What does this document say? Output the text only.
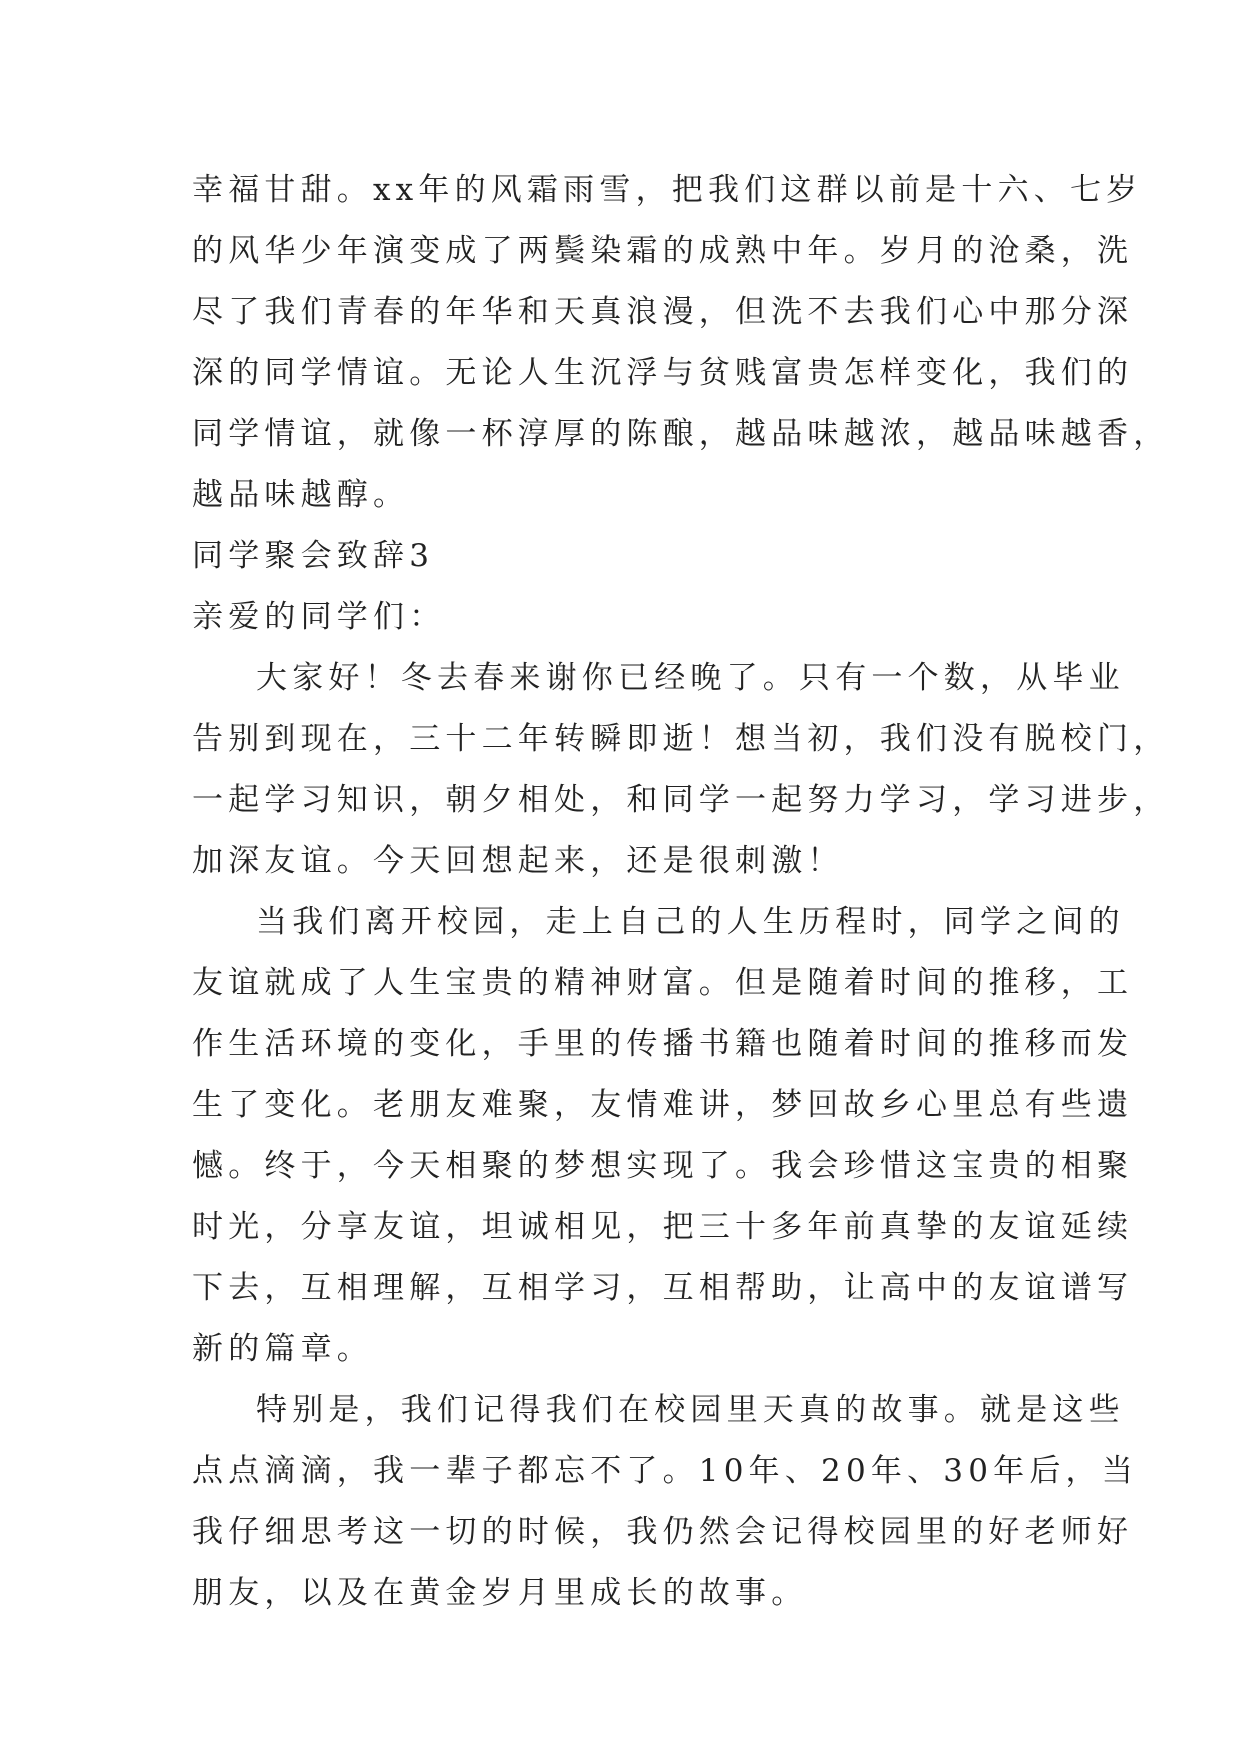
幸福甘甜。xx年的风霜雨雪，把我们这群以前是十六、七岁
的风华少年演变成了两鬓染霜的成熟中年。岁月的沧桑，洗
尽了我们青春的年华和天真浪漫，但洗不去我们心中那分深
深的同学情谊。无论人生沉浮与贫贱富贵怎样变化，我们的
同学情谊，就像一杯淳厚的陈酿，越品味越浓，越品味越香，
越品味越醇。
同学聚会致辞3
亲爱的同学们：
大家好！冬去春来谢你已经晚了。只有一个数，从毕业
告别到现在，三十二年转瞬即逝！想当初，我们没有脱校门，
一起学习知识，朝夕相处，和同学一起努力学习，学习进步，
加深友谊。今天回想起来，还是很刺激！
当我们离开校园，走上自己的人生历程时，同学之间的
友谊就成了人生宝贵的精神财富。但是随着时间的推移，工
作生活环境的变化，手里的传播书籍也随着时间的推移而发
生了变化。老朋友难聚，友情难讲，梦回故乡心里总有些遗
憾。终于，今天相聚的梦想实现了。我会珍惜这宝贵的相聚
时光，分享友谊，坦诚相见，把三十多年前真挚的友谊延续
下去，互相理解，互相学习，互相帮助，让高中的友谊谱写
新的篇章。
特别是，我们记得我们在校园里天真的故事。就是这些
点点滴滴，我一辈子都忘不了。10年、20年、30年后，当
我仔细思考这一切的时候，我仍然会记得校园里的好老师好
朋友，以及在黄金岁月里成长的故事。
